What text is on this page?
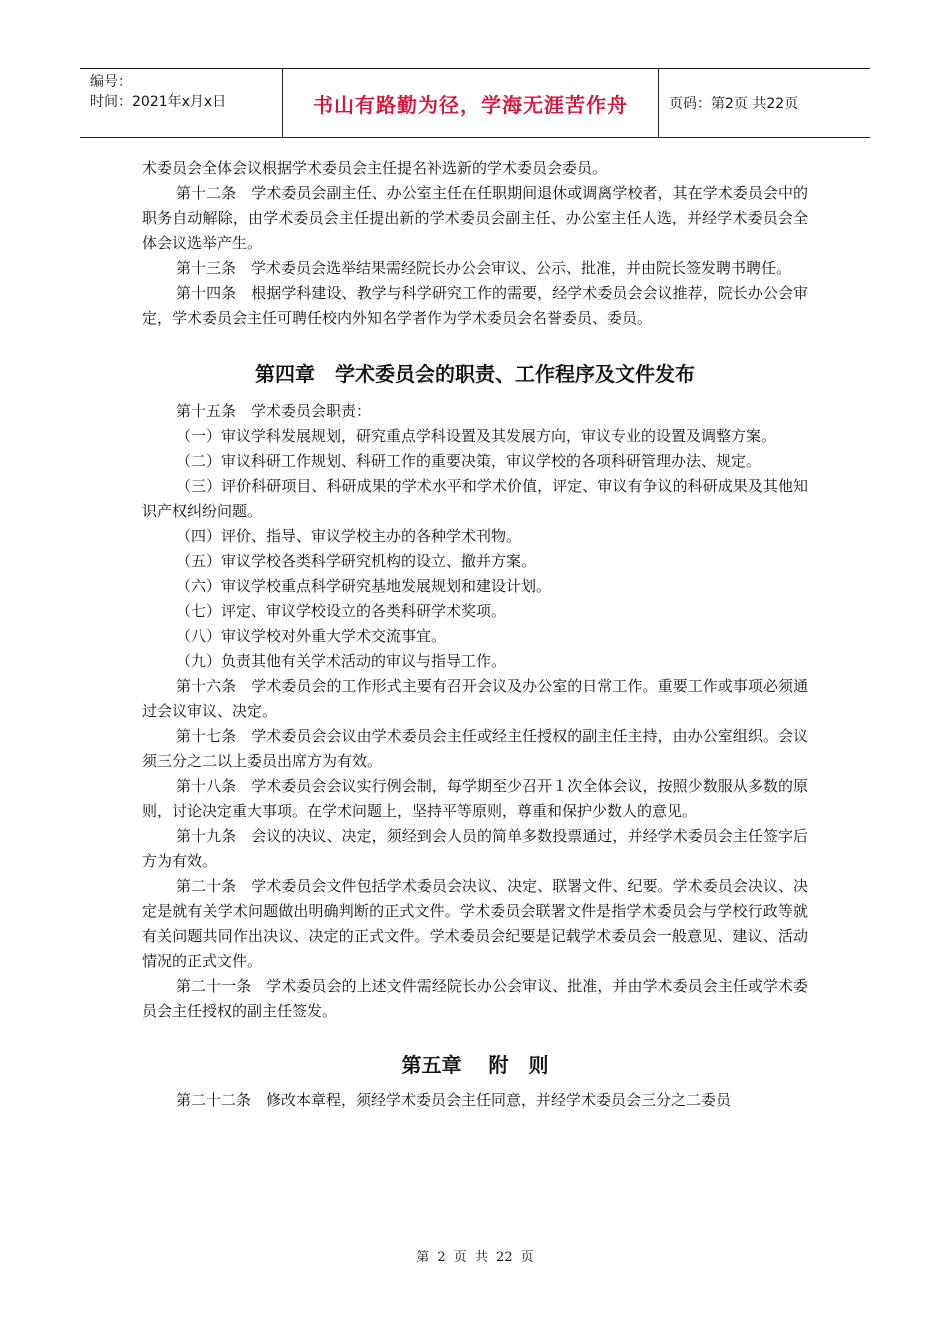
编号：
时间：2021年x月x日	书山有路勤为径，学海无涯苦作舟	页码：第2页 共22页

术委员会全体会议根据学术委员会主任提名补选新的学术委员会委员。

第十二条　学术委员会副主任、办公室主任在任职期间退休或调离学校者，其在学术委员会中的职务自动解除，由学术委员会主任提出新的学术委员会副主任、办公室主任人选，并经学术委员会全体会议选举产生。

第十三条　学术委员会选举结果需经院长办公会审议、公示、批准，并由院长签发聘书聘任。

第十四条　根据学科建设、教学与科学研究工作的需要，经学术委员会会议推荐，院长办公会审定，学术委员会主任可聘任校内外知名学者作为学术委员会名誉委员、委员。

第四章　学术委员会的职责、工作程序及文件发布

第十五条　学术委员会职责：

（一）审议学科发展规划，研究重点学科设置及其发展方向，审议专业的设置及调整方案。

（二）审议科研工作规划、科研工作的重要决策，审议学校的各项科研管理办法、规定。

（三）评价科研项目、科研成果的学术水平和学术价值，评定、审议有争议的科研成果及其他知识产权纠纷问题。

（四）评价、指导、审议学校主办的各种学术刊物。

（五）审议学校各类科学研究机构的设立、撤并方案。

（六）审议学校重点科学研究基地发展规划和建设计划。

（七）评定、审议学校设立的各类科研学术奖项。

（八）审议学校对外重大学术交流事宜。

（九）负责其他有关学术活动的审议与指导工作。

第十六条　学术委员会的工作形式主要有召开会议及办公室的日常工作。重要工作或事项必须通过会议审议、决定。

第十七条　学术委员会会议由学术委员会主任或经主任授权的副主任主持，由办公室组织。会议须三分之二以上委员出席方为有效。

第十八条　学术委员会会议实行例会制，每学期至少召开１次全体会议，按照少数服从多数的原则，讨论决定重大事项。在学术问题上，坚持平等原则，尊重和保护少数人的意见。

第十九条　会议的决议、决定，须经到会人员的简单多数投票通过，并经学术委员会主任签字后方为有效。

第二十条　学术委员会文件包括学术委员会决议、决定、联署文件、纪要。学术委员会决议、决定是就有关学术问题做出明确判断的正式文件。学术委员会联署文件是指学术委员会与学校行政等就有关问题共同作出决议、决定的正式文件。学术委员会纪要是记载学术委员会一般意见、建议、活动情况的正式文件。

第二十一条　学术委员会的上述文件需经院长办公会审议、批准，并由学术委员会主任或学术委员会主任授权的副主任签发。

第五章　 附　则

第二十二条　修改本章程，须经学术委员会主任同意，并经学术委员会三分之二委员

第 2 页 共 22 页
